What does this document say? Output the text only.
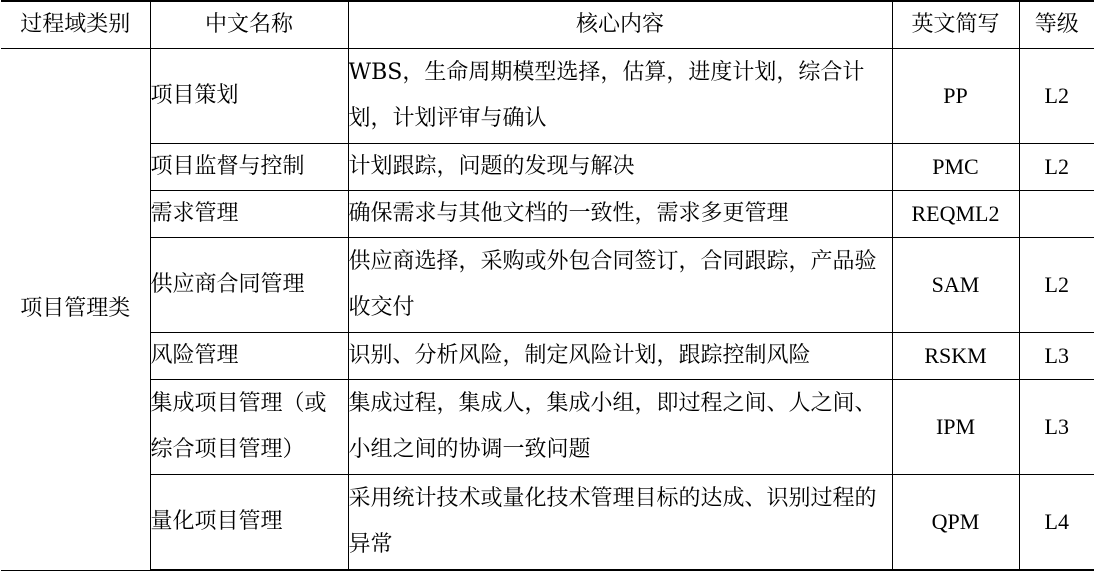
过程域类别	中文名称	核心内容	英文简写	等级
项目管理类	项目策划	WBS，生命周期模型选择，估算，进度计划，综合计划，计划评审与确认	PP	L2
	项目监督与控制	计划跟踪，问题的发现与解决	PMC	L2
	需求管理	确保需求与其他文档的一致性，需求多更管理	REQML2	
	供应商合同管理	供应商选择，采购或外包合同签订，合同跟踪，产品验收交付	SAM	L2
	风险管理	识别、分析风险，制定风险计划，跟踪控制风险	RSKM	L3
	集成项目管理（或综合项目管理）	集成过程，集成人，集成小组，即过程之间、人之间、小组之间的协调一致问题	IPM	L3
	量化项目管理	采用统计技术或量化技术管理目标的达成、识别过程的异常	QPM	L4
